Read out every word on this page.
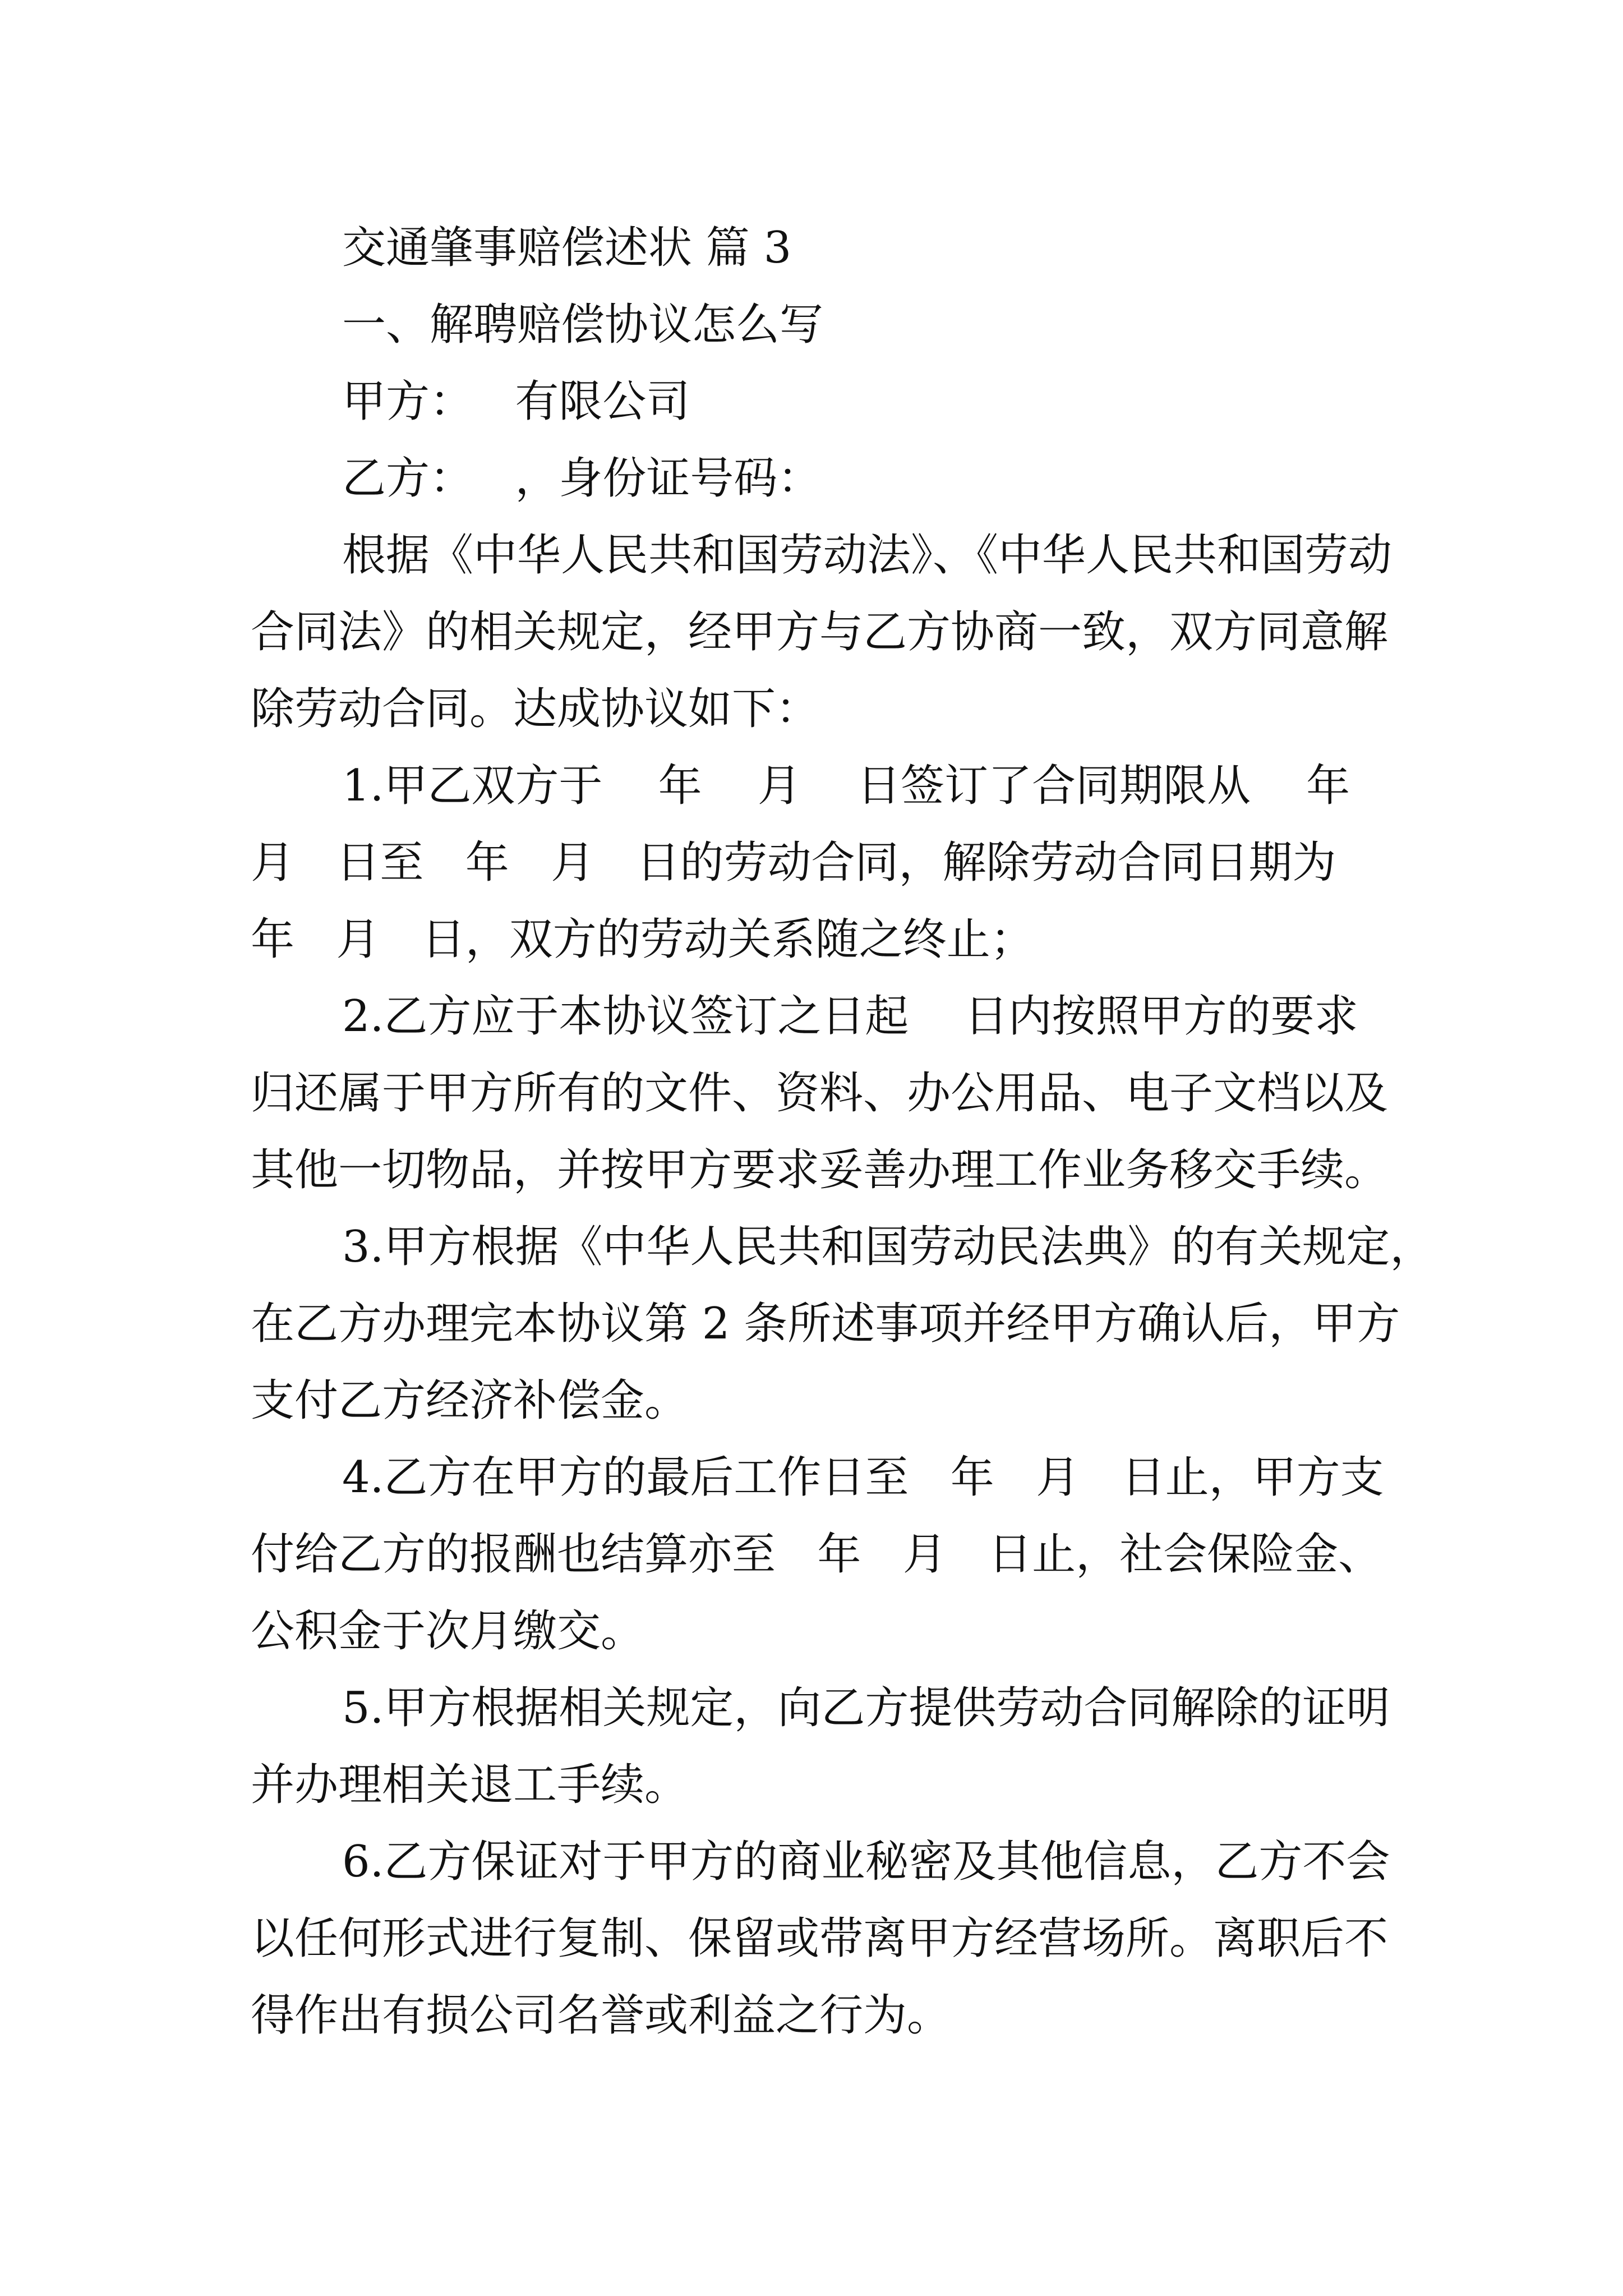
交通肇事赔偿述状 篇 3
一、解聘赔偿协议怎么写
甲方：   有限公司
乙方：   ，身份证号码：
根据《中华人民共和国劳动法》、《中华人民共和国劳动
合同法》的相关规定，经甲方与乙方协商一致，双方同意解
除劳动合同。达成协议如下：
1.甲乙双方于    年    月    日签订了合同期限从    年
月   日至   年   月   日的劳动合同，解除劳动合同日期为
年   月   日，双方的劳动关系随之终止；
2.乙方应于本协议签订之日起    日内按照甲方的要求
归还属于甲方所有的文件、资料、办公用品、电子文档以及
其他一切物品，并按甲方要求妥善办理工作业务移交手续。
3.甲方根据《中华人民共和国劳动民法典》的有关规定，
在乙方办理完本协议第 2 条所述事项并经甲方确认后，甲方
支付乙方经济补偿金。
4.乙方在甲方的最后工作日至   年   月   日止，甲方支
付给乙方的报酬也结算亦至   年   月   日止，社会保险金、
公积金于次月缴交。
5.甲方根据相关规定，向乙方提供劳动合同解除的证明
并办理相关退工手续。
6.乙方保证对于甲方的商业秘密及其他信息，乙方不会
以任何形式进行复制、保留或带离甲方经营场所。离职后不
得作出有损公司名誉或利益之行为。
